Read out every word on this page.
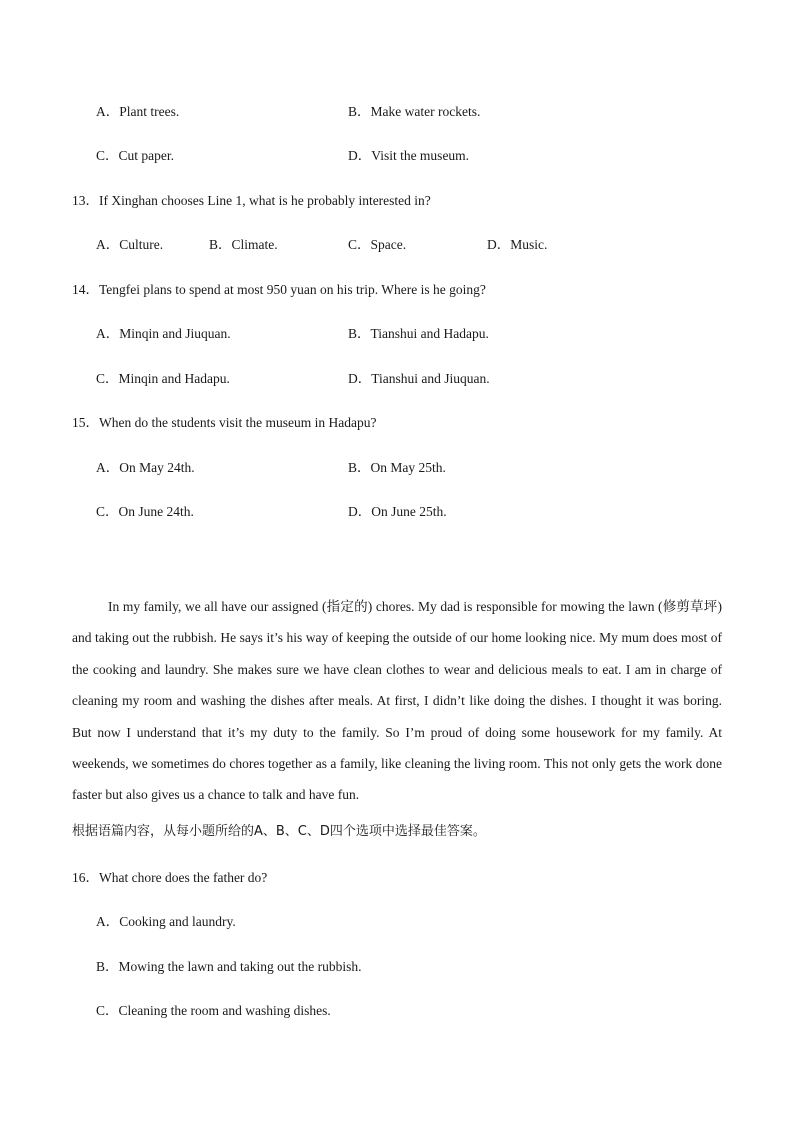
A．Plant trees.	B．Make water rockets.
C．Cut paper.	D．Visit the museum.
13．If Xinghan chooses Line 1, what is he probably interested in?
A．Culture.	B．Climate.	C．Space.	D．Music.
14．Tengfei plans to spend at most 950 yuan on his trip. Where is he going?
A．Minqin and Jiuquan.	B．Tianshui and Hadapu.
C．Minqin and Hadapu.	D．Tianshui and Jiuquan.
15．When do the students visit the museum in Hadapu?
A．On May 24th.	B．On May 25th.
C．On June 24th.	D．On June 25th.

In my family, we all have our assigned (指定的) chores. My dad is responsible for mowing the lawn (修剪草坪) and taking out the rubbish. He says it’s his way of keeping the outside of our home looking nice. My mum does most of the cooking and laundry. She makes sure we have clean clothes to wear and delicious meals to eat. I am in charge of cleaning my room and washing the dishes after meals. At first, I didn’t like doing the dishes. I thought it was boring. But now I understand that it’s my duty to the family. So I’m proud of doing some housework for my family. At weekends, we sometimes do chores together as a family, like cleaning the living room. This not only gets the work done faster but also gives us a chance to talk and have fun.

根据语篇内容，从每小题所给的A、B、C、D四个选项中选择最佳答案。
16．What chore does the father do?
A．Cooking and laundry.
B．Mowing the lawn and taking out the rubbish.
C．Cleaning the room and washing dishes.
